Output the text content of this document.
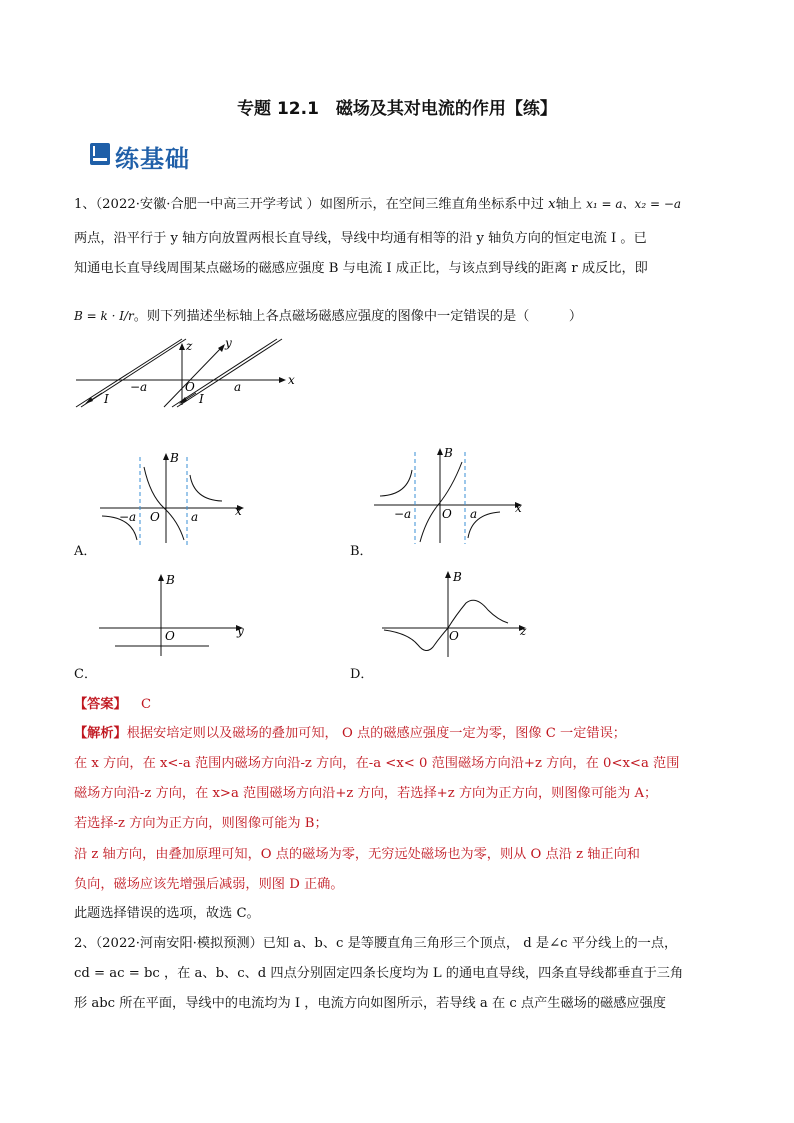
专题 12.1　磁场及其对电流的作用【练】
练基础
1、（2022·安徽·合肥一中高三开学考试 ）如图所示，在空间三维直角坐标系中过 x轴上 x₁ = a、x₂ = −a
两点，沿平行于 y 轴方向放置两根长直导线，导线中均通有相等的沿 y 轴负方向的恒定电流 I 。已
知通电长直导线周围某点磁场的磁感应强度 B 与电流 I 成正比，与该点到导线的距离 r 成反比，即
B = k · I/r。则下列描述坐标轴上各点磁场磁感应强度的图像中一定错误的是（　　　）
x
z	y
I	I
−a	O	a
x
B
−a O	a
A．
x
B
−a	O a
B．
y
B
O
C．
z
B
O
D．
【答案】 C
【解析】根据安培定则以及磁场的叠加可知， O 点的磁感应强度一定为零，图像 C 一定错误；
在 x 方向，在 x<-a 范围内磁场方向沿-z 方向，在-a <x< 0 范围磁场方向沿+z 方向，在 0<x<a 范围
磁场方向沿-z 方向，在 x>a 范围磁场方向沿+z 方向，若选择+z 方向为正方向，则图像可能为 A；
若选择-z 方向为正方向，则图像可能为 B；
沿 z 轴方向，由叠加原理可知，O 点的磁场为零，无穷远处磁场也为零，则从 O 点沿 z 轴正向和
负向，磁场应该先增强后减弱，则图 D 正确。
此题选择错误的选项，故选 C。
2、（2022·河南安阳·模拟预测）已知 a、b、c 是等腰直角三角形三个顶点， d 是∠c 平分线上的一点，
cd = ac = bc ，在 a、b、c、d 四点分别固定四条长度均为 L 的通电直导线，四条直导线都垂直于三角
形 abc 所在平面，导线中的电流均为 I ，电流方向如图所示，若导线 a 在 c 点产生磁场的磁感应强度
